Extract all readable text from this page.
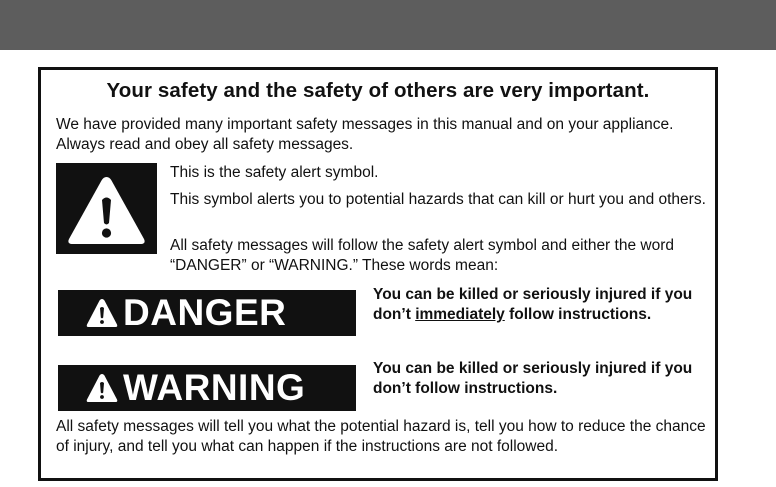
Your safety and the safety of others are very important.

We have provided many important safety messages in this manual and on your appliance. Always read and obey all safety messages.

This is the safety alert symbol.

This symbol alerts you to potential hazards that can kill or hurt you and others.

All safety messages will follow the safety alert symbol and either the word “DANGER” or “WARNING.” These words mean:

DANGER	You can be killed or seriously injured if you don’t immediately follow instructions.
WARNING	You can be killed or seriously injured if you don’t follow instructions.

All safety messages will tell you what the potential hazard is, tell you how to reduce the chance of injury, and tell you what can happen if the instructions are not followed.
